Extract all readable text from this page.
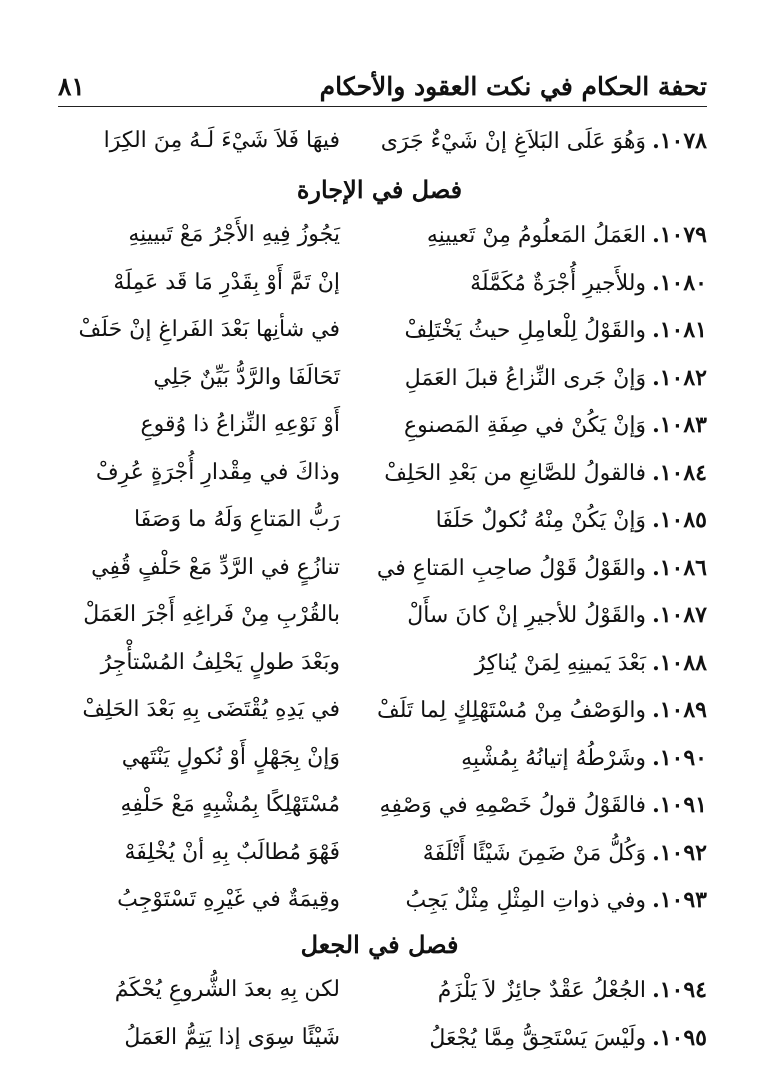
تحفة الحكام في نكت العقود والأحكام
٨١
١٠٧٨.وَهُوَ عَلَى البَلاَغِ إنْ شَيْءٌ جَرَى
فيهَا فَلاَ شَيْءَ لَـهُ مِنَ الكِرَا
فصل في الإجارة
١٠٧٩.العَمَلُ المَعلُومُ مِنْ تَعيينِهِ
يَجُوزُ فِيهِ الأَجْرُ مَعْ تَبيينِهِ
١٠٨٠.وللأَجيرِ أُجْرَةٌ مُكَمَّلَهْ
إنْ تَمَّ أَوْ بِقَدْرِ مَا قَد عَمِلَهْ
١٠٨١.والقَوْلُ لِلْعامِلِ حيثُ يَخْتَلِفْ
في شأنِها بَعْدَ الفَراغِ إنْ حَلَفْ
١٠٨٢.وَإنْ جَرى النِّزاعُ قبلَ العَمَلِ
تَحَالَفَا والرَّدُّ بَيِّنٌ جَلِي
١٠٨٣.وَإنْ يَكُنْ في صِفَةِ المَصنوعِ
أَوْ نَوْعِهِ النِّزاعُ ذا وُقوعِ
١٠٨٤.فالقولُ للصَّانِعِ من بَعْدِ الحَلِفْ
وذاكَ في مِقْدارِ أُجْرَةٍ عُرِفْ
١٠٨٥.وَإنْ يَكُنْ مِنْهُ نُكولٌ حَلَفَا
رَبُّ المَتاعِ وَلَهُ ما وَصَفَا
١٠٨٦.والقَوْلُ قَوْلُ صاحِبِ المَتاعِ في
تنازُعٍ في الرَّدِّ مَعْ حَلْفٍ قُفِي
١٠٨٧.والقَوْلُ للأجيرِ إنْ كانَ سأَلْ
بالقُرْبِ مِنْ فَراغِهِ أَجْرَ العَمَلْ
١٠٨٨.بَعْدَ يَمينِهِ لِمَنْ يُناكِرُ
وبَعْدَ طولٍ يَحْلِفُ المُسْتأْجِرُ
١٠٨٩.والوَصْفُ مِنْ مُسْتَهْلِكٍ لِما تَلَفْ
في يَدِهِ يُقْتَضَى بِهِ بَعْدَ الحَلِفْ
١٠٩٠.وشَرْطُهُ إتيانُهُ بِمُشْبِهِ
وَإنْ بِجَهْلٍ أَوْ نُكولٍ يَنْتَهي
١٠٩١.فالقَوْلُ قولُ خَصْمِهِ في وَصْفِهِ
مُسْتَهْلِكًا بِمُشْبِهٍ مَعْ حَلْفِهِ
١٠٩٢.وَكُلُّ مَنْ ضَمِنَ شَيْئًا أَتْلَفَهْ
فَهْوَ مُطالَبٌ بِهِ أنْ يُخْلِفَهْ
١٠٩٣.وفي ذواتِ المِثْلِ مِثْلٌ يَجِبُ
وقِيمَةٌ في غَيْرِهِ تَسْتَوْجِبُ
فصل في الجعل
١٠٩٤.الجُعْلُ عَقْدٌ جائِزٌ لاَ يَلْزَمُ
لكن بِهِ بعدَ الشُّروعِ يُحْكَمُ
١٠٩٥.ولَيْسَ يَسْتَحِقُّ مِمَّا يُجْعَلُ
شَيْئًا سِوَى إذا يَتِمُّ العَمَلُ
